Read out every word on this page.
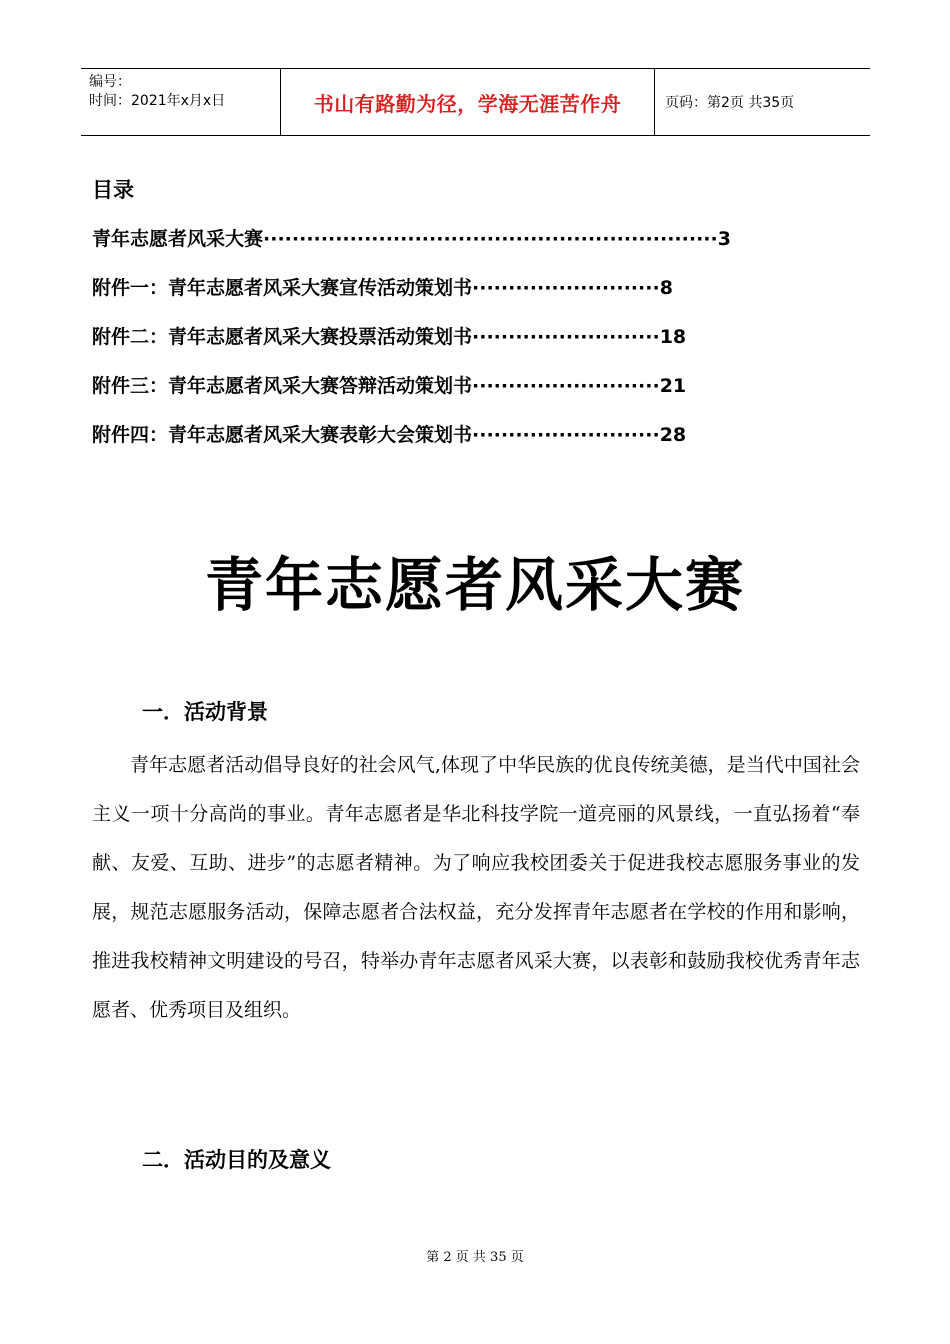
编号：
时间：2021年x月x日	书山有路勤为径，学海无涯苦作舟	页码：第2页 共35页
目录
青年志愿者风采大赛·······························································3
附件一：青年志愿者风采大赛宣传活动策划书··························8
附件二：青年志愿者风采大赛投票活动策划书··························18
附件三：青年志愿者风采大赛答辩活动策划书··························21
附件四：青年志愿者风采大赛表彰大会策划书··························28
青年志愿者风采大赛
一．活动背景

青年志愿者活动倡导良好的社会风气,体现了中华民族的优良传统美德，是当代中国社会主义一项十分高尚的事业。青年志愿者是华北科技学院一道亮丽的风景线，一直弘扬着“奉献、友爱、互助、进步”的志愿者精神。为了响应我校团委关于促进我校志愿服务事业的发展，规范志愿服务活动，保障志愿者合法权益，充分发挥青年志愿者在学校的作用和影响，推进我校精神文明建设的号召，特举办青年志愿者风采大赛，以表彰和鼓励我校优秀青年志愿者、优秀项目及组织。

二．活动目的及意义
第 2 页 共 35 页
